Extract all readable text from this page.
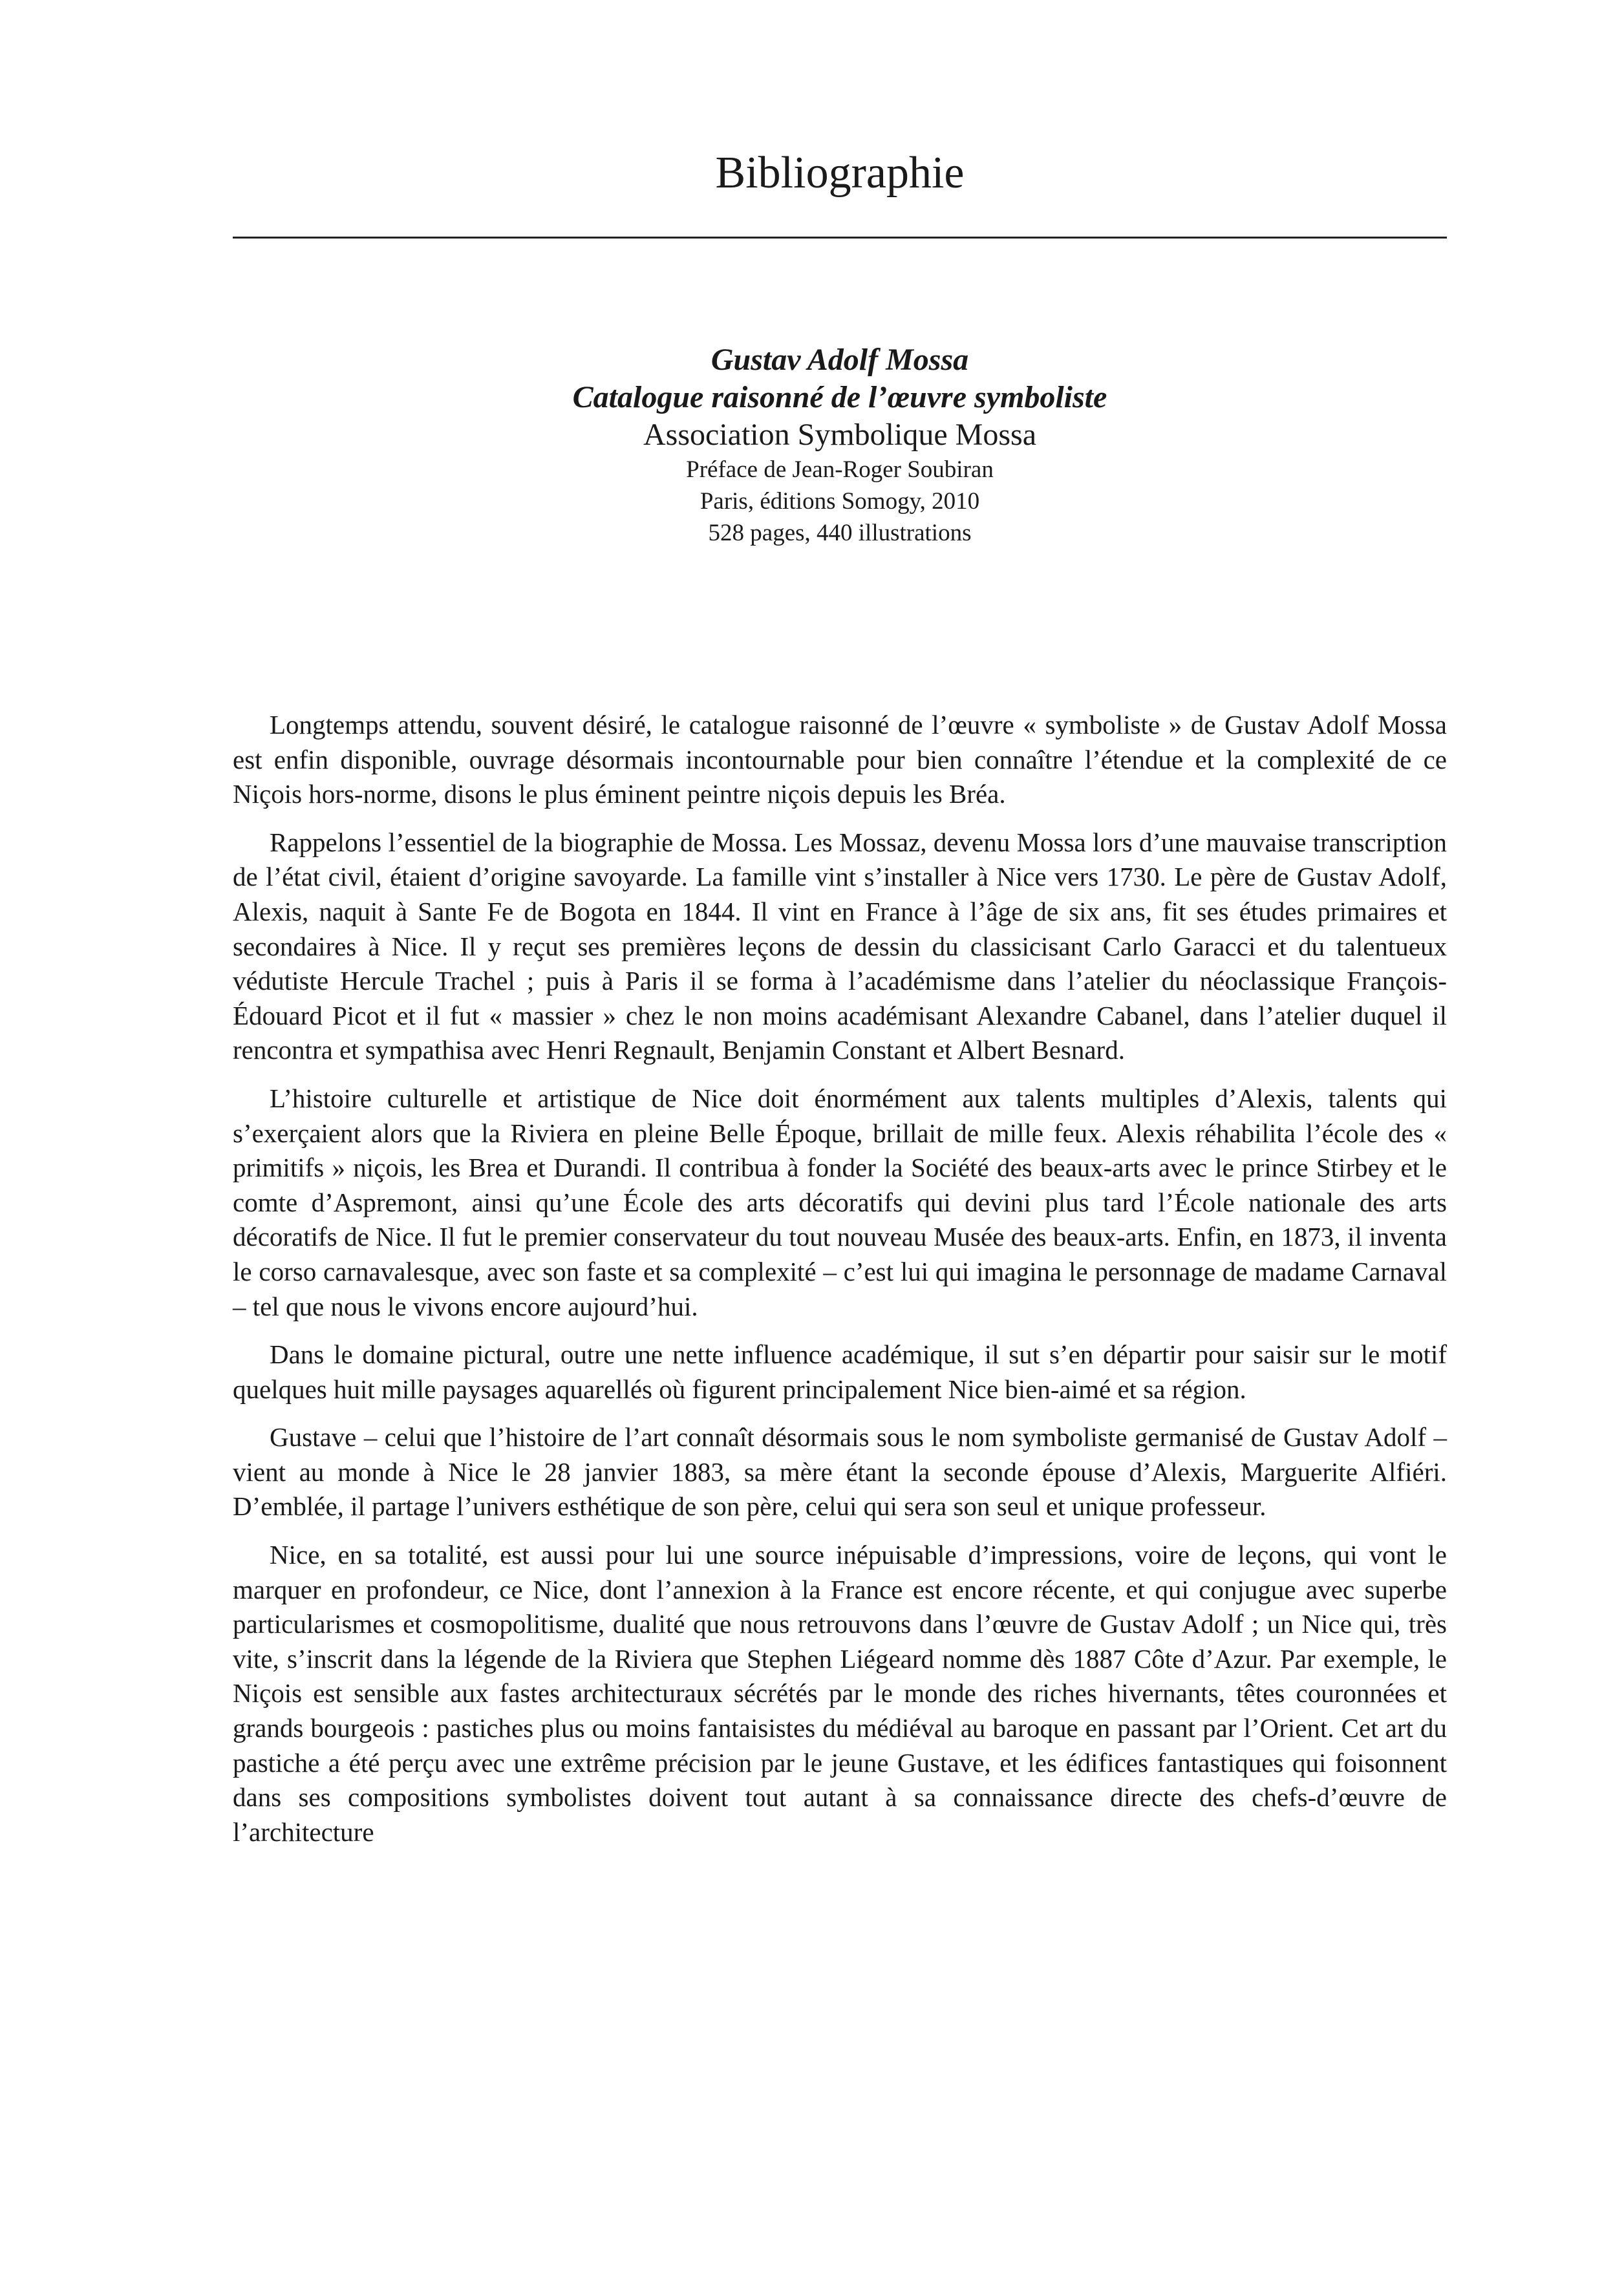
Bibliographie
Gustav Adolf Mossa
Catalogue raisonné de l’œuvre symboliste
Association Symbolique Mossa
Préface de Jean-Roger Soubiran
Paris, éditions Somogy, 2010
528 pages, 440 illustrations

Longtemps attendu, souvent désiré, le catalogue raisonné de l’œuvre « symboliste » de Gustav Adolf Mossa est enfin disponible, ouvrage désormais incontournable pour bien connaître l’étendue et la complexité de ce Niçois hors-norme, disons le plus éminent peintre niçois depuis les Bréa.

Rappelons l’essentiel de la biographie de Mossa. Les Mossaz, devenu Mossa lors d’une mauvaise transcription de l’état civil, étaient d’origine savoyarde. La famille vint s’installer à Nice vers 1730. Le père de Gustav Adolf, Alexis, naquit à Sante Fe de Bogota en 1844. Il vint en France à l’âge de six ans, fit ses études primaires et secondaires à Nice. Il y reçut ses premières leçons de dessin du classicisant Carlo Garacci et du talentueux védutiste Hercule Trachel ; puis à Paris il se forma à l’académisme dans l’atelier du néoclassique François-Édouard Picot et il fut « massier » chez le non moins académisant Alexandre Cabanel, dans l’atelier duquel il rencontra et sympathisa avec Henri Regnault, Benjamin Constant et Albert Besnard.

L’histoire culturelle et artistique de Nice doit énormément aux talents multiples d’Alexis, talents qui s’exerçaient alors que la Riviera en pleine Belle Époque, brillait de mille feux. Alexis réhabilita l’école des « primitifs » niçois, les Brea et Durandi. Il contribua à fonder la Société des beaux-arts avec le prince Stirbey et le comte d’Aspremont, ainsi qu’une École des arts décoratifs qui devini plus tard l’École nationale des arts décoratifs de Nice. Il fut le premier conservateur du tout nouveau Musée des beaux-arts. Enfin, en 1873, il inventa le corso carnavalesque, avec son faste et sa complexité – c’est lui qui imagina le personnage de madame Carnaval – tel que nous le vivons encore aujourd’hui.

Dans le domaine pictural, outre une nette influence académique, il sut s’en départir pour saisir sur le motif quelques huit mille paysages aquarellés où figurent principalement Nice bien-aimé et sa région.

Gustave – celui que l’histoire de l’art connaît désormais sous le nom symboliste germanisé de Gustav Adolf – vient au monde à Nice le 28 janvier 1883, sa mère étant la seconde épouse d’Alexis, Marguerite Alfiéri. D’emblée, il partage l’univers esthétique de son père, celui qui sera son seul et unique professeur.

Nice, en sa totalité, est aussi pour lui une source inépuisable d’impressions, voire de leçons, qui vont le marquer en profondeur, ce Nice, dont l’annexion à la France est encore récente, et qui conjugue avec superbe particularismes et cosmopolitisme, dualité que nous retrouvons dans l’œuvre de Gustav Adolf ; un Nice qui, très vite, s’inscrit dans la légende de la Riviera que Stephen Liégeard nomme dès 1887 Côte d’Azur. Par exemple, le Niçois est sensible aux fastes architecturaux sécrétés par le monde des riches hivernants, têtes couronnées et grands bourgeois : pastiches plus ou moins fantaisistes du médiéval au baroque en passant par l’Orient. Cet art du pastiche a été perçu avec une extrême précision par le jeune Gustave, et les édifices fantastiques qui foisonnent dans ses compositions symbolistes doivent tout autant à sa connaissance directe des chefs-d’œuvre de l’architecture
